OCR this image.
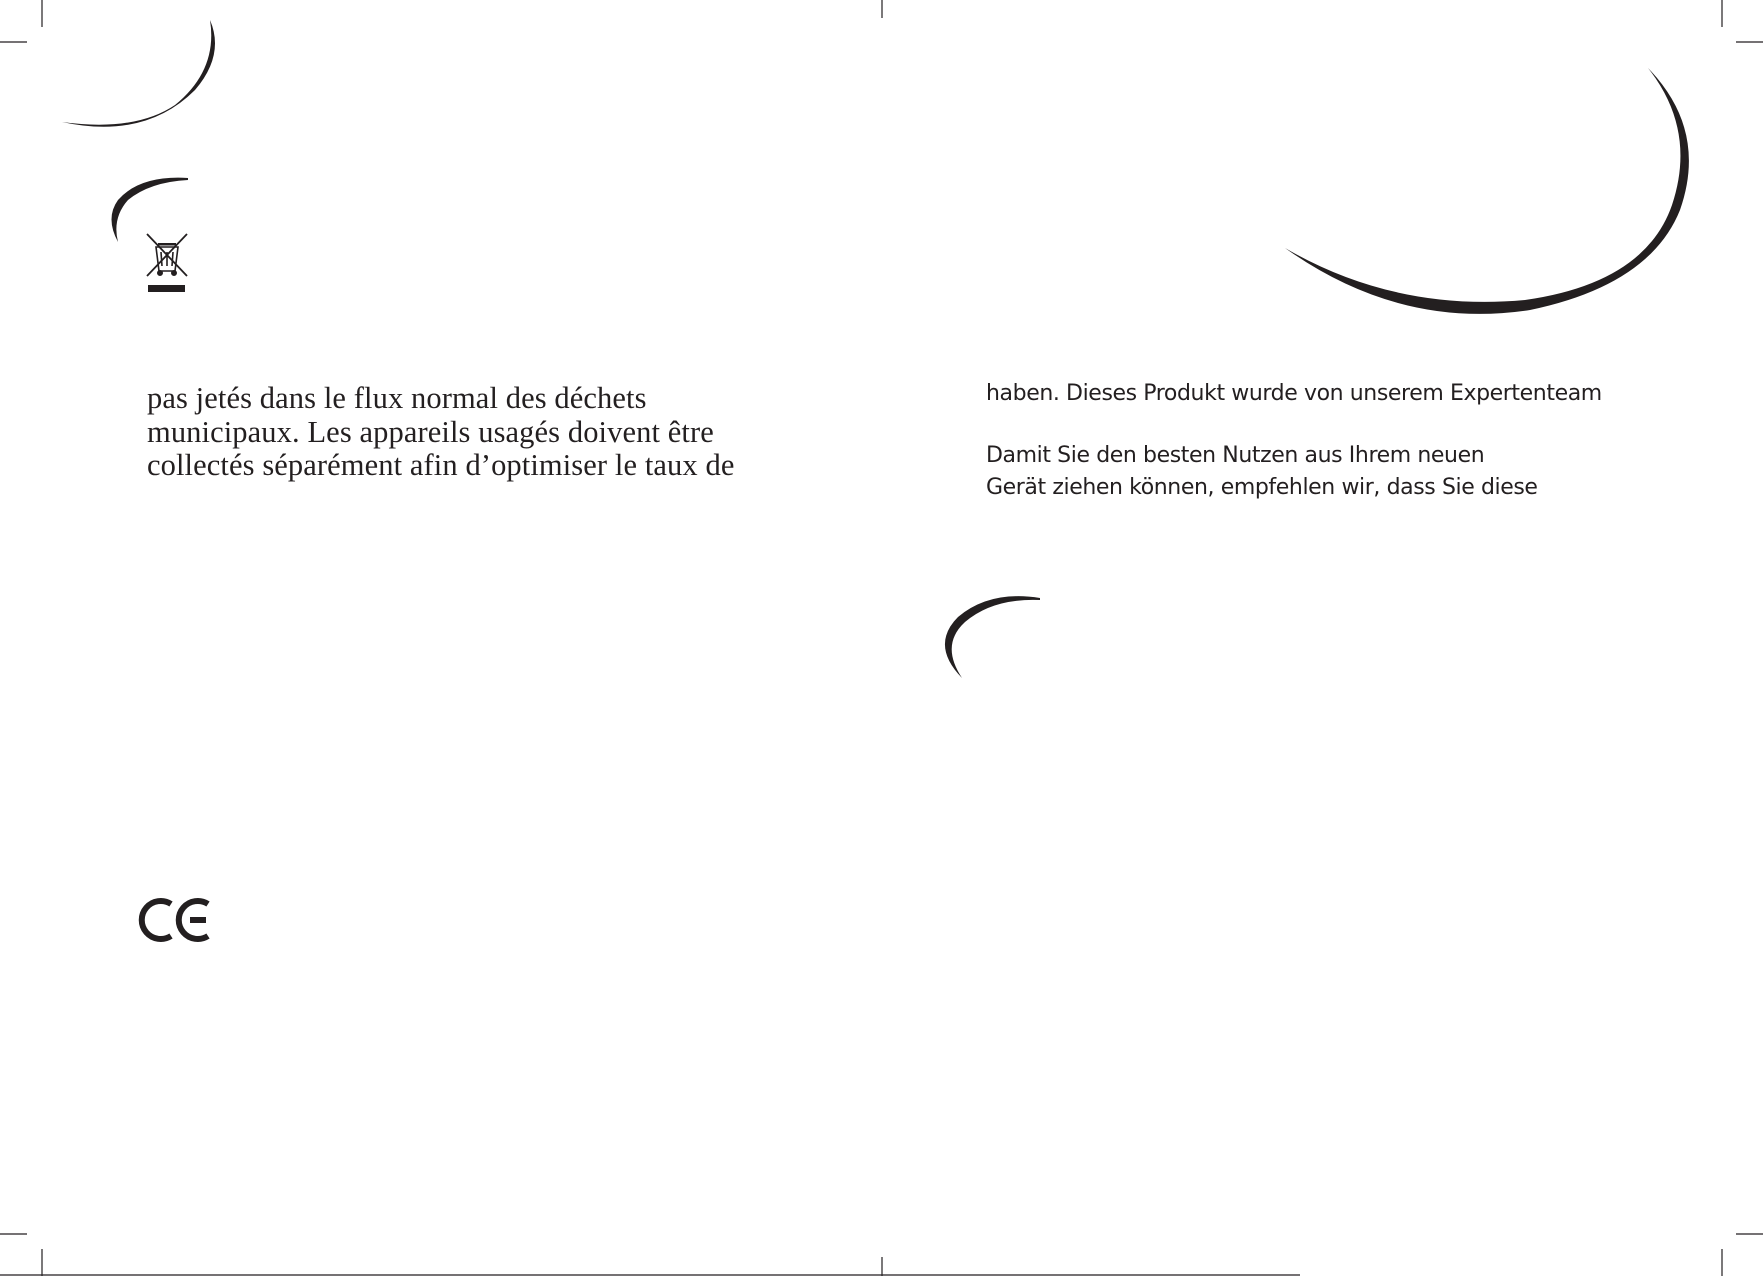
pas jetés dans le flux normal des déchets
municipaux. Les appareils usagés doivent être
collectés séparément afin d’optimiser le taux de
haben. Dieses Produkt wurde von unserem Expertenteam
Damit Sie den besten Nutzen aus Ihrem neuen
Gerät ziehen können, empfehlen wir, dass Sie diese
